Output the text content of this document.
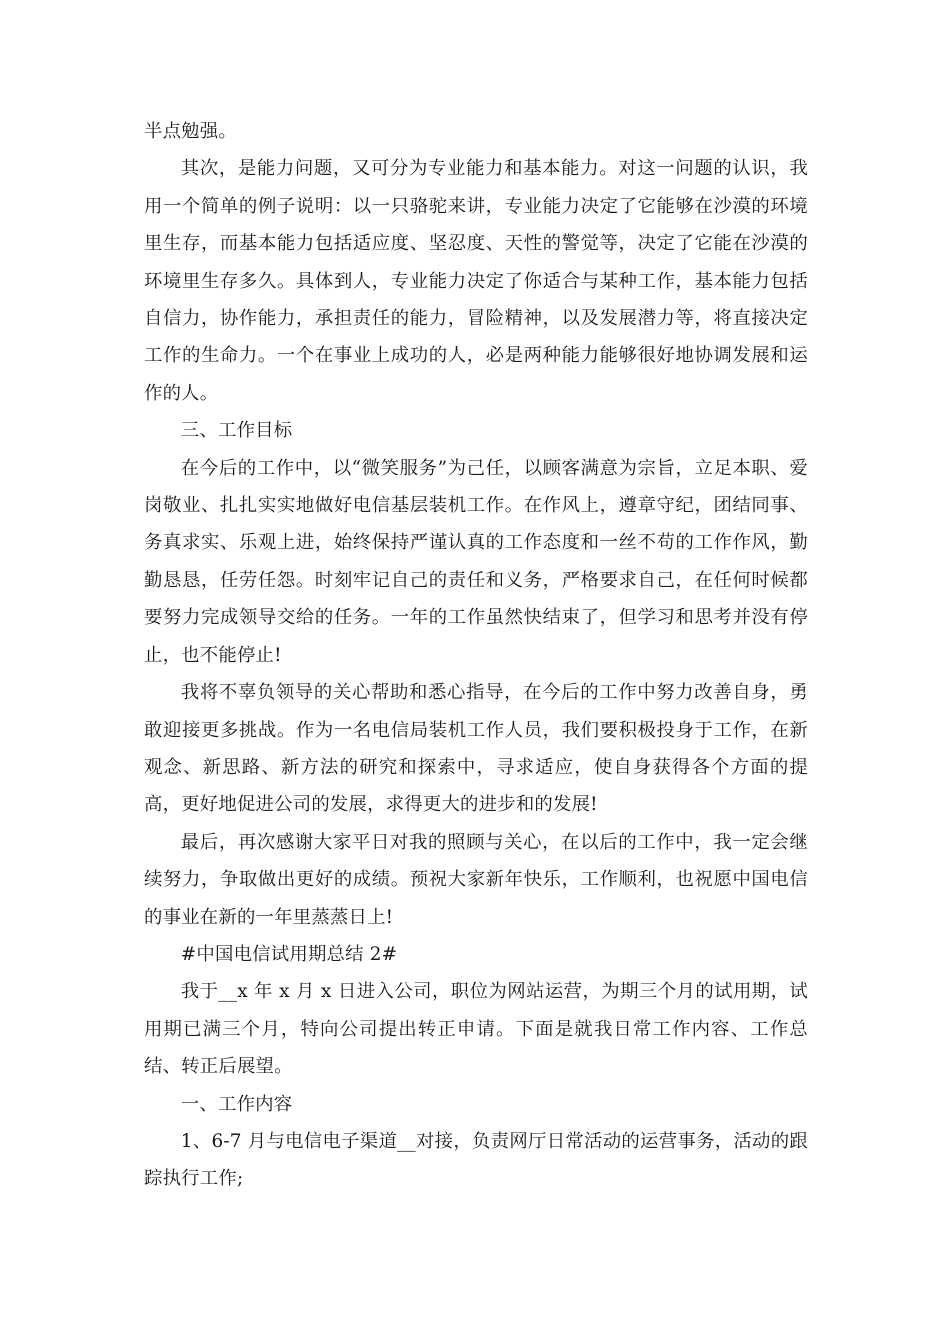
半点勉强。

其次，是能力问题，又可分为专业能力和基本能力。对这一问题的认识，我用一个简单的例子说明：以一只骆驼来讲，专业能力决定了它能够在沙漠的环境里生存，而基本能力包括适应度、坚忍度、天性的警觉等，决定了它能在沙漠的环境里生存多久。具体到人，专业能力决定了你适合与某种工作，基本能力包括自信力，协作能力，承担责任的能力，冒险精神，以及发展潜力等，将直接决定工作的生命力。一个在事业上成功的人，必是两种能力能够很好地协调发展和运作的人。

三、工作目标

在今后的工作中，以“微笑服务”为己任，以顾客满意为宗旨，立足本职、爱岗敬业、扎扎实实地做好电信基层装机工作。在作风上，遵章守纪，团结同事、务真求实、乐观上进，始终保持严谨认真的工作态度和一丝不苟的工作作风，勤勤恳恳，任劳任怨。时刻牢记自己的责任和义务，严格要求自己，在任何时候都要努力完成领导交给的任务。一年的工作虽然快结束了，但学习和思考并没有停止，也不能停止!

我将不辜负领导的关心帮助和悉心指导，在今后的工作中努力改善自身，勇敢迎接更多挑战。作为一名电信局装机工作人员，我们要积极投身于工作，在新观念、新思路、新方法的研究和探索中，寻求适应，使自身获得各个方面的提高，更好地促进公司的发展，求得更大的进步和的发展!

最后，再次感谢大家平日对我的照顾与关心，在以后的工作中，我一定会继续努力，争取做出更好的成绩。预祝大家新年快乐，工作顺利，也祝愿中国电信的事业在新的一年里蒸蒸日上!

#中国电信试用期总结 2#

我于__x 年 x 月 x 日进入公司，职位为网站运营，为期三个月的试用期，试用期已满三个月，特向公司提出转正申请。下面是就我日常工作内容、工作总结、转正后展望。

一、工作内容

1、6-7 月与电信电子渠道__对接，负责网厅日常活动的运营事务，活动的跟踪执行工作;
